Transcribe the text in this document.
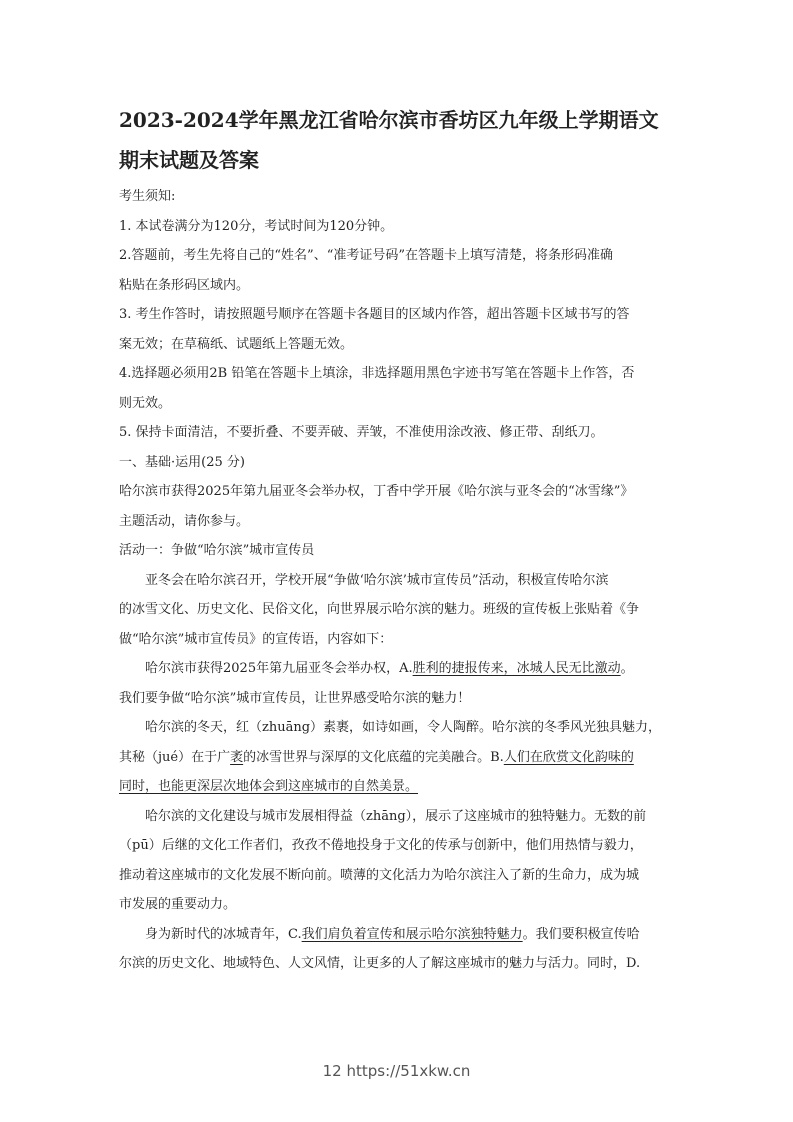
2023-2024学年黑龙江省哈尔滨市香坊区九年级上学期语文
期末试题及答案

考生须知:

1. 本试卷满分为120分，考试时间为120分钟。
2.答题前，考生先将自己的“姓名”、“准考证号码”在答题卡上填写清楚，将条形码准确
粘贴在条形码区域内。
3. 考生作答时，请按照题号顺序在答题卡各题目的区域内作答，超出答题卡区域书写的答
案无效；在草稿纸、试题纸上答题无效。
4.选择题必须用2B 铅笔在答题卡上填涂，非选择题用黑色字迹书写笔在答题卡上作答，否
则无效。
5. 保持卡面清洁，不要折叠、不要弄破、弄皱，不准使用涂改液、修正带、刮纸刀。
一、基础·运用(25 分)
哈尔滨市获得2025年第九届亚冬会举办权，丁香中学开展《哈尔滨与亚冬会的“冰雪缘”》
主题活动，请你参与。
活动一：争做“哈尔滨”城市宣传员
亚冬会在哈尔滨召开，学校开展“争做‘哈尔滨’城市宣传员”活动，积极宣传哈尔滨
的冰雪文化、历史文化、民俗文化，向世界展示哈尔滨的魅力。班级的宣传板上张贴着《争
做“哈尔滨”城市宣传员》的宣传语，内容如下：
哈尔滨市获得2025年第九届亚冬会举办权，A.胜利的捷报传来，冰城人民无比激动。
我们要争做“哈尔滨”城市宣传员，让世界感受哈尔滨的魅力！
哈尔滨的冬天，红（zhuāng）素裹，如诗如画，令人陶醉。哈尔滨的冬季风光独具魅力，
其秘（jué）在于广袤的冰雪世界与深厚的文化底蕴的完美融合。B.人们在欣赏文化韵味的
同时，也能更深层次地体会到这座城市的自然美景。
哈尔滨的文化建设与城市发展相得益（zhāng），展示了这座城市的独特魅力。无数的前
（pū）后继的文化工作者们，孜孜不倦地投身于文化的传承与创新中，他们用热情与毅力，
推动着这座城市的文化发展不断向前。喷薄的文化活力为哈尔滨注入了新的生命力，成为城
市发展的重要动力。
身为新时代的冰城青年，C.我们肩负着宣传和展示哈尔滨独特魅力。我们要积极宣传哈
尔滨的历史文化、地域特色、人文风情，让更多的人了解这座城市的魅力与活力。同时，D.
12 https://51xkw.cn
